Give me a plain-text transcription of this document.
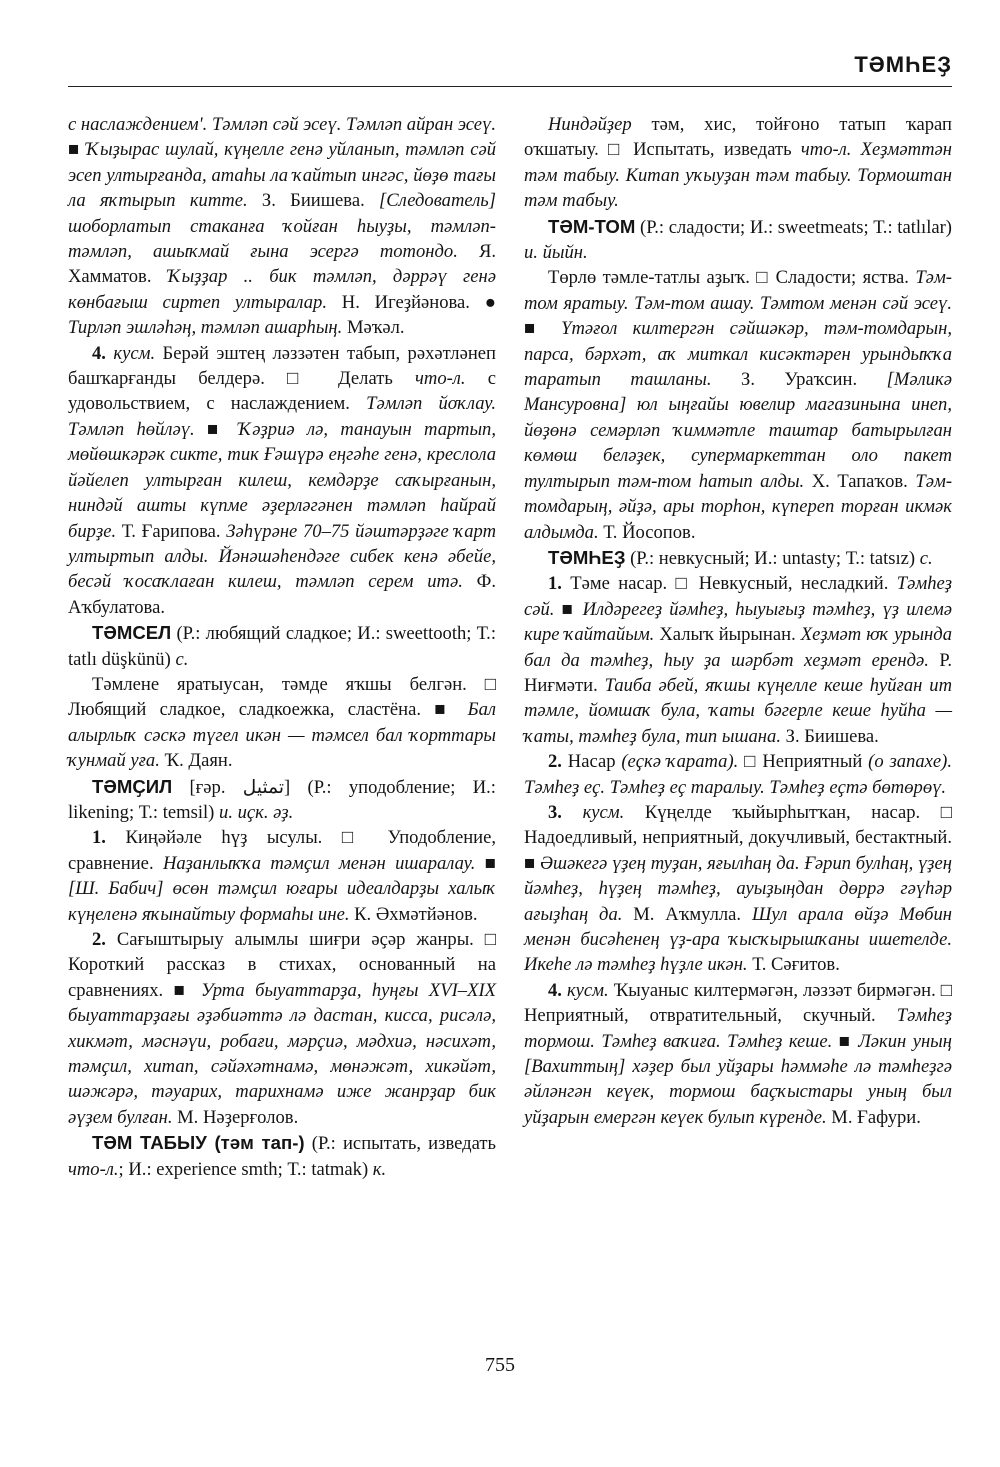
ТӘМҺЕҘ

с наслаждением'. Тәмләп сәй эсеү. Тәмләп айран эсеү. ■ Ҡыҙырас шулай, күңелле генә уйланып, тәмләп сәй эсеп ултырғанда, атаһы ла ҡайтып ингәс, йөҙө тағы ла яҡтырып китте. З. Биишева. [Следователь] шоборлатып стаканға ҡойған һыуҙы, тәмләп-тәмләп, ашыҡмай ғына эсергә тотондо. Я. Хамматов. Ҡыҙҙар .. бик тәмләп, дәррәү генә көнбағыш сиртеп ултыралар. Н. Игеҙйәнова. ● Тирләп эшләһәң, тәмләп ашарһың. Мәҡәл.

4. кусм. Берәй эштең ләззәтен табып, рәхәтләнеп башҡарғанды белдерә. □ Делать что-л. с удовольствием, с наслаждением. Тәмләп йоҡлау. Тәмләп һөйләү. ■ Ҡәҙриә лә, танауын тартып, мөйөшкәрәк сикте, тик Ғәшүрә еңгәһе генә, креслола йәйелеп ултырған килеш, кемдәрҙе саҡырғанын, ниндәй ашты күпме әҙерләгәнен тәмләп һайрай бирҙе. Т. Ғарипова. Зәһүрәне 70–75 йәштәрҙәге ҡарт ултыртып алды. Йәнәшәһендәге сибек кенә әбейе, бесәй ҡосаҡлаған килеш, тәмләп серем итә. Ф. Аҡбулатова.

ТӘМСЕЛ (Р.: любящий сладкое; И.: sweettooth; Т.: tatlı düşkünü) с.

Тәмлене яратыусан, тәмде яҡшы белгән. □ Любящий сладкое, сладкоежка, сластёна. ■ Бал алырлыҡ сәскә түгел икән — тәмсел бал ҡорттары ҡунмай уға. Ҡ. Даян.

ТӘМҪИЛ [ғәр. تمثيل] (Р.: уподобление; И.: likening; Т.: temsil) и. иҫк. әҙ.

1. Киңәйәле һүҙ ысулы. □ Уподобление, сравнение. Наҙанлыҡҡа тәмҫил менән ишаралау. ■ [Ш. Бабич] өсөн тәмҫил юғары идеалдарҙы халыҡ күңеленә яҡынайтыу формаһы ине. К. Әхмәтйәнов.

2. Сағыштырыу алымлы шиғри әҫәр жанры. □ Короткий рассказ в стихах, основанный на сравнениях. ■ Урта быуаттарҙа, һуңғы XVI–XIX быуаттарҙағы әҙәбиәттә лә дастан, кисса, рисәлә, хикмәт, мәснәүи, робағи, мәрҫиә, мәдхиә, нәсихәт, тәмҫил, хитап, сәйәхәтнамә, мөнәжәт, хикәйәт, шәжәрә, тәуарих, тарихнамә иже жанрҙар бик әүҙем булған. М. Нәҙерғолов.

ТӘМ ТАБЫУ (тәм тап-) (Р.: испытать, изведать что-л.; И.: experience smth; Т.: tatmak) к.

Ниндәйҙер тәм, хис, тойғоно татып ҡарап оҡшатыу. □ Испытать, изведать что-л. Хеҙмәттән тәм табыу. Китап уҡыуҙан тәм табыу. Тормоштан тәм табыу.

ТӘМ-ТОМ (Р.: сладости; И.: sweetmeats; Т.: tatlılar) и. йыйн.

Төрлө тәмле-татлы аҙыҡ. □ Сладости; яства. Тәм-том яратыу. Тәм-том ашау. Тәмтом менән сәй эсеү. ■ Үтәғол килтергән сәйшәкәр, тәм-томдарын, парса, бәрхәт, аҡ миткал кисәктәрен урындыҡҡа таратып ташланы. З. Ураҡсин. [Мәликә Мансуровна] юл ыңғайы ювелир магазинына инеп, йөҙөнә семәрләп ҡиммәтле таштар батырылған көмөш беләҙек, супермаркеттан оло пакет тултырып тәм-том һатып алды. Х. Тапаҡов. Тәм-томдарың, әйҙә, ары торһон, күпереп торған икмәк алдымда. Т. Йосопов.

ТӘМҺЕҘ (Р.: невкусный; И.: untasty; Т.: tatsız) с.

1. Тәме насар. □ Невкусный, несладкий. Тәмһеҙ сәй. ■ Илдәрегеҙ йәмһеҙ, һыуығыҙ тәмһеҙ, үҙ илемә кире ҡайтайым. Халыҡ йырынан. Хеҙмәт юҡ урында бал да тәмһеҙ, һыу ҙа шәрбәт хеҙмәт ерендә. Р. Ниғмәти. Таиба әбей, яҡшы күңелле кеше һуйған ит тәмле, йомшаҡ була, ҡаты бәгерле кеше һуйһа — ҡаты, тәмһеҙ була, тип ышана. З. Биишева.

2. Насар (еҫкә ҡарата). □ Неприятный (о запахе). Тәмһеҙ еҫ. Тәмһеҙ еҫ таралыу. Тәмһеҙ еҫтә бөтөрөү.

3. кусм. Күңелде ҡыйырһытҡан, насар. □ Надоедливый, неприятный, докучливый, бестактный. ■ Әшәкегә үҙең туҙан, яғылһаң да. Ғәрип булһаң, үҙең йәмһеҙ, һүҙең тәмһеҙ, ауыҙыңдан дөррә гәүһәр ағыҙһаң да. М. Аҡмулла. Шул арала өйҙә Мөбин менән бисәһенең үҙ-ара ҡысҡырышҡаны ишетелде. Икеһе лә тәмһеҙ һүҙле икән. Т. Сәғитов.

4. кусм. Ҡыуаныс килтермәгән, ләззәт бирмәгән. □ Неприятный, отвратительный, скучный. Тәмһеҙ тормош. Тәмһеҙ ваҡиға. Тәмһеҙ кеше. ■ Ләкин уның [Вахиттың] хәҙер был уйҙары һәммәһе лә тәмһеҙгә әйләнгән кеүек, тормош баҫҡыстары уның был уйҙарын емергән кеүек булып күренде. М. Ғафури.

755
